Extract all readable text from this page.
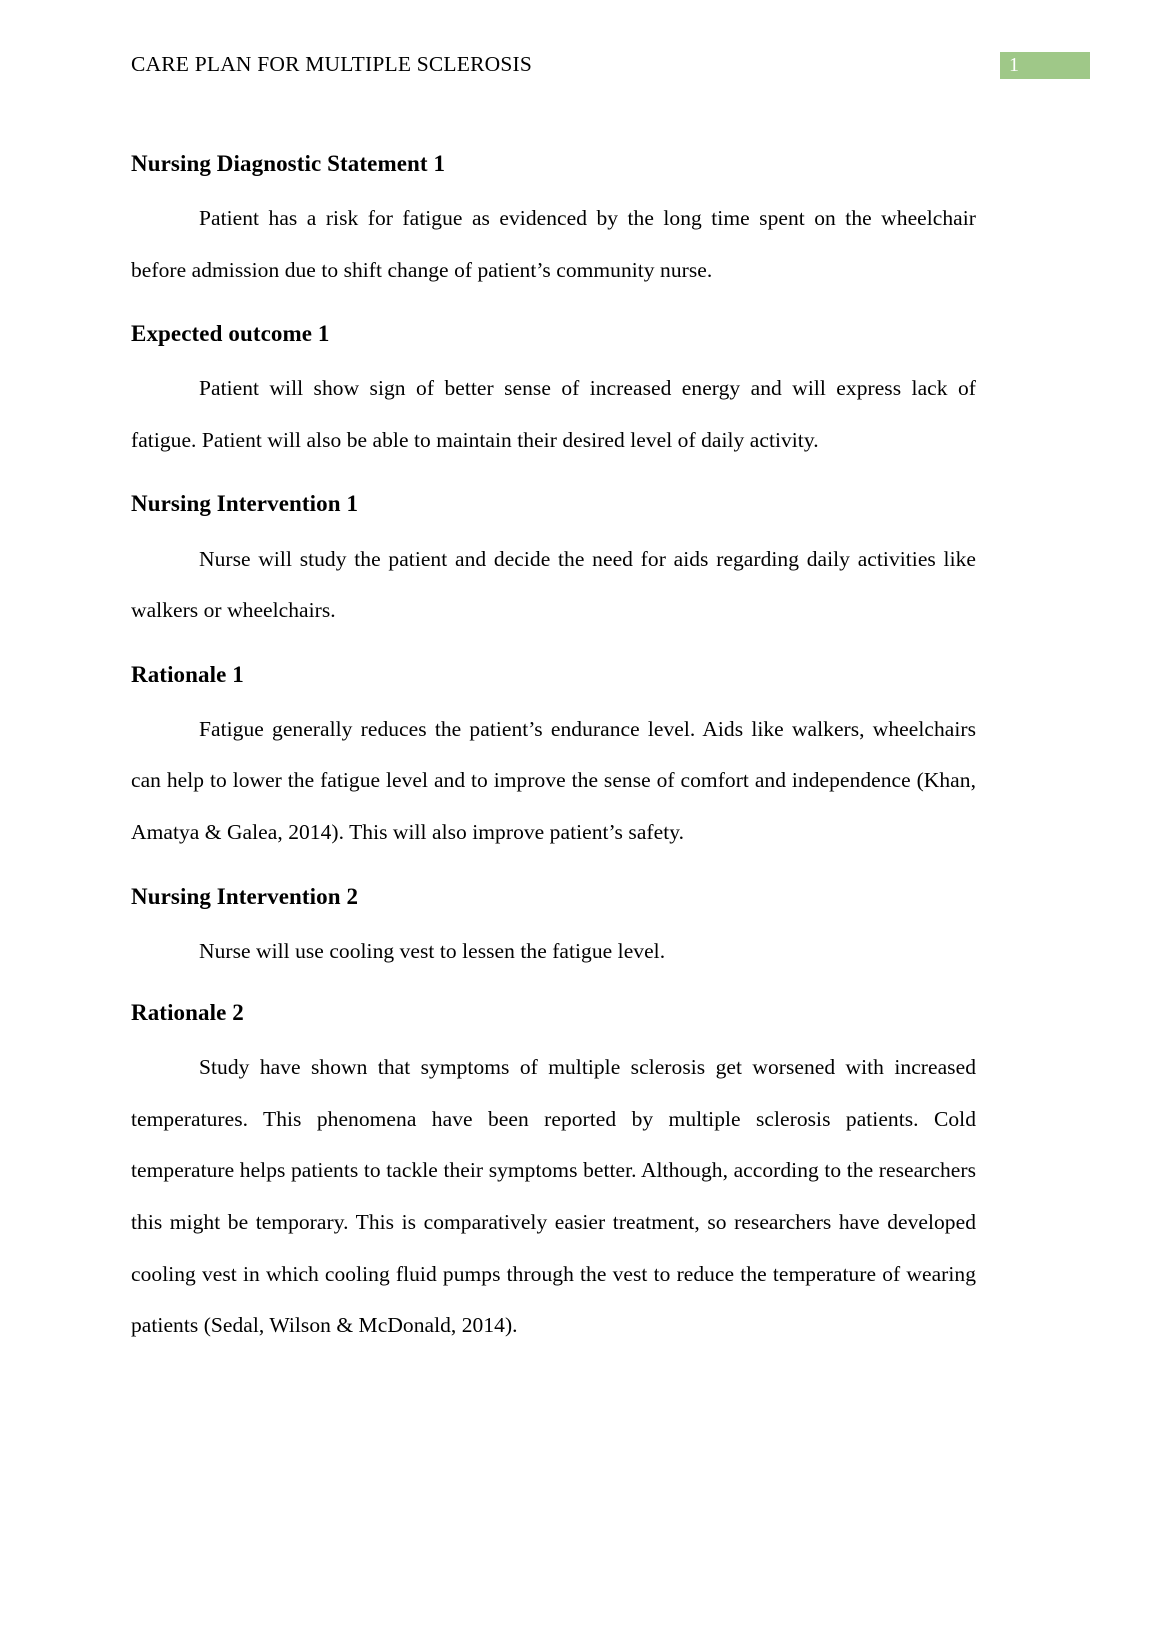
CARE PLAN FOR MULTIPLE SCLEROSIS	1
Nursing Diagnostic Statement 1

Patient has a risk for fatigue as evidenced by the long time spent on the wheelchair before admission due to shift change of patient’s community nurse.

Expected outcome 1

Patient will show sign of better sense of increased energy and will express lack of fatigue. Patient will also be able to maintain their desired level of daily activity.

Nursing Intervention 1

Nurse will study the patient and decide the need for aids regarding daily activities like walkers or wheelchairs.

Rationale 1

Fatigue generally reduces the patient’s endurance level. Aids like walkers, wheelchairs can help to lower the fatigue level and to improve the sense of comfort and independence (Khan, Amatya & Galea, 2014). This will also improve patient’s safety.

Nursing Intervention 2

Nurse will use cooling vest to lessen the fatigue level.

Rationale 2

Study have shown that symptoms of multiple sclerosis get worsened with increased temperatures. This phenomena have been reported by multiple sclerosis patients. Cold temperature helps patients to tackle their symptoms better. Although, according to the researchers this might be temporary. This is comparatively easier treatment, so researchers have developed cooling vest in which cooling fluid pumps through the vest to reduce the temperature of wearing patients (Sedal, Wilson & McDonald, 2014).
